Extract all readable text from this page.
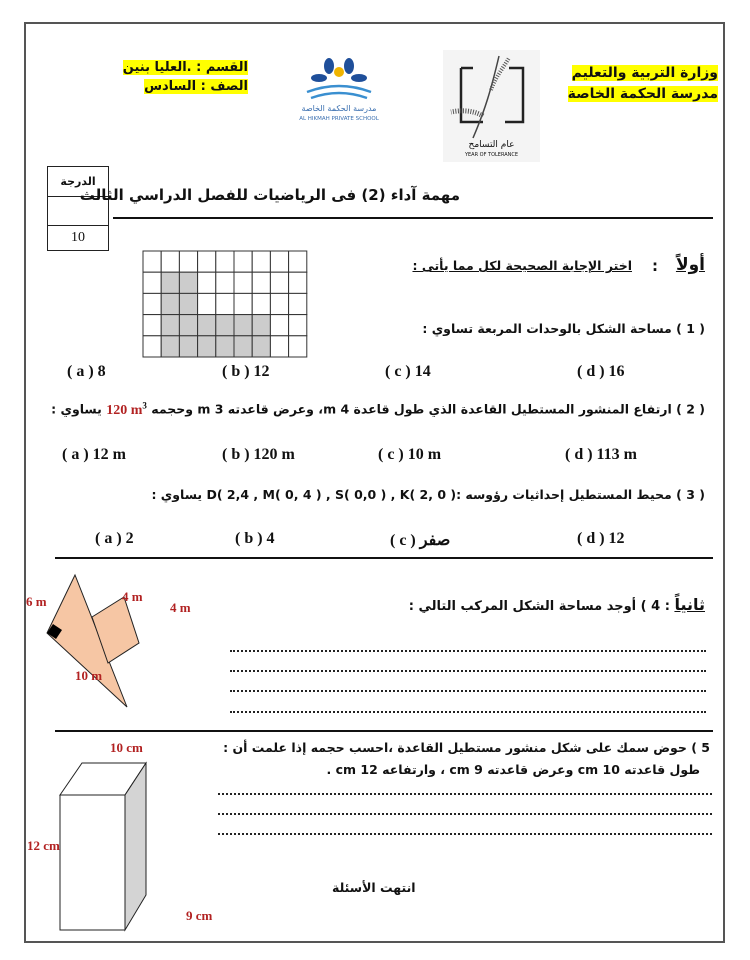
وزارة التربية والتعليم
مدرسة الحكمة الخاصة
عام التسامح
YEAR OF TOLERANCE
مدرسة الحكمة الخاصة
AL HIKMAH PRIVATE SCHOOL
القسم : .العليا بنين
الصف : السادس
الدرجة

10
مهمة آداء (2) فى الرياضيات للفصل الدراسي الثالث
أولاً
:
اختر الإجابة الصحيحة لكل مما يأتى :
( 1 ) مساحة الشكل بالوحدات المربعة تساوي :
( a ) 8	( b ) 12	( c ) 14	( d ) 16
( 2 ) ارتفاع المنشور المستطيل القاعدة الذي طول قاعدة 4 m، وعرض قاعدته 3 m وحجمه 120 $m^3$ يساوي :
( a ) 12 m	( b ) 120 m	( c ) 10 m	( d ) 113 m
( 3 ) محيط المستطيل إحداثيات رؤوسه :( D( 2,4 , M( 0, 4 ) , S( 0,0 ) , K( 2, 0 يساوي :
( a ) 2	( b ) 4	( c ) صفر	( d ) 12
ثانياً : 4 ) أوجد مساحة الشكل المركب التالي :
6 m	4 m
4 m
10 m
5 ) حوض سمك على شكل منشور مستطيل القاعدة ،احسب حجمه إذا علمت أن :
طول قاعدته 10 cm وعرض قاعدته 9 cm ، وارتفاعه 12 cm .
10 cm
12 cm
9 cm
انتهت الأسئلة
